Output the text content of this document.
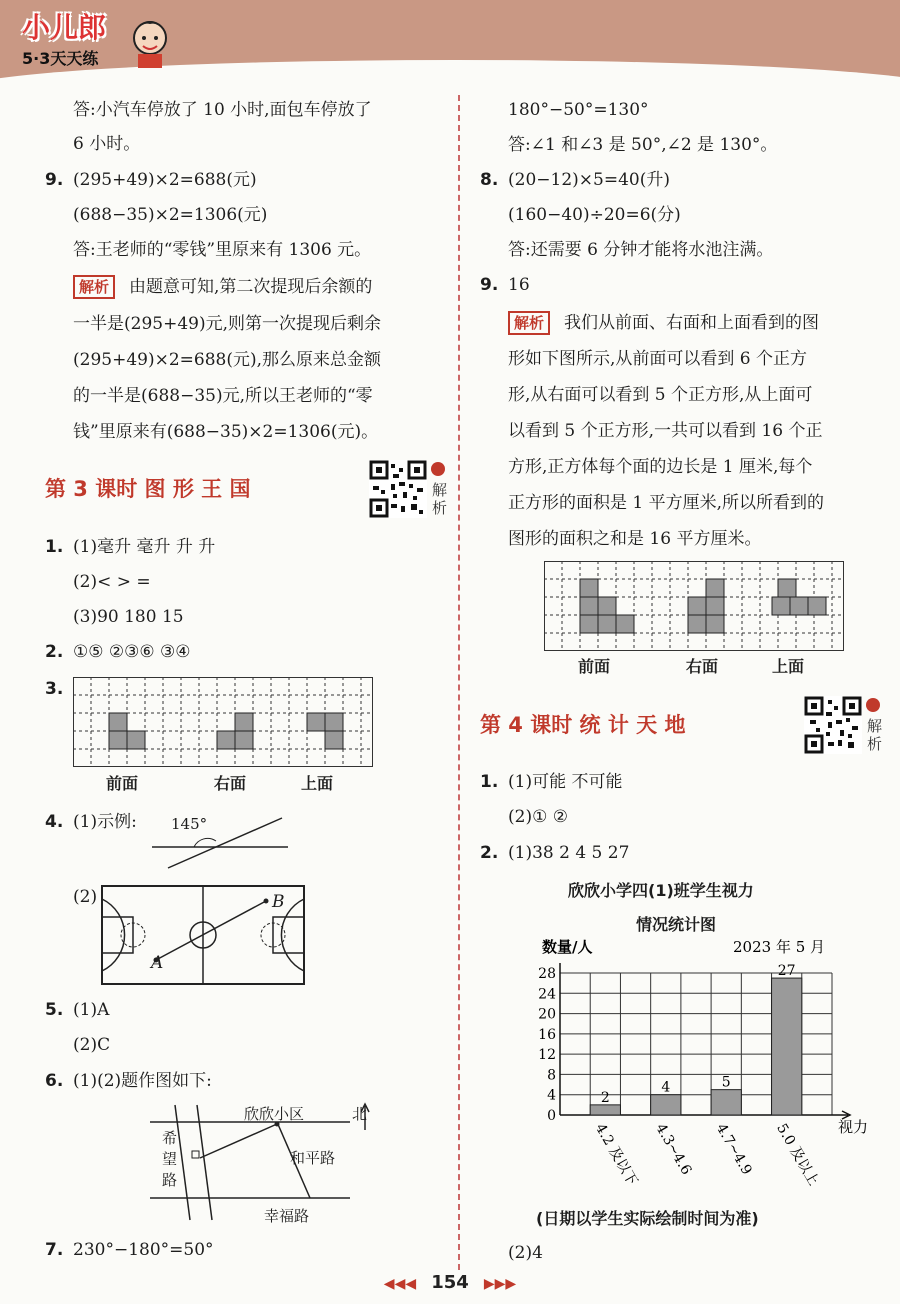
小儿郎
5·3天天练
答:小汽车停放了 10 小时,面包车停放了
6 小时。
9. (295+49)×2=688(元)
(688−35)×2=1306(元)
答:王老师的“零钱”里原来有 1306 元。
解析 由题意可知,第二次提现后余额的
一半是(295+49)元,则第一次提现后剩余
(295+49)×2=688(元),那么原来总金额
的一半是(688−35)元,所以王老师的“零
钱”里原来有(688−35)×2=1306(元)。
第 3 课时 图 形 王 国	解
析
1. (1)毫升 毫升 升 升
(2)< > =
(3)90 180 15
2. ①⑤ ②③⑥ ③④
3.
前面	右面	上面
4. (1)示例:
(2)
145°
A
B
5. (1)A
(2)C
6. (1)(2)题作图如下:
7. 230°−180°=50°
北
欣欣小区
希
望
路
和平路
幸福路
180°−50°=130°
答:∠1 和∠3 是 50°,∠2 是 130°。
8. (20−12)×5=40(升)
(160−40)÷20=6(分)
答:还需要 6 分钟才能将水池注满。
9. 16
解析 我们从前面、右面和上面看到的图
形如下图所示,从前面可以看到 6 个正方
形,从右面可以看到 5 个正方形,从上面可
以看到 5 个正方形,一共可以看到 16 个正
方形,正方体每个面的边长是 1 厘米,每个
正方形的面积是 1 平方厘米,所以所看到的
图形的面积之和是 16 平方厘米。
前面	右面	上面
第 4 课时 统 计 天 地	解
析
1. (1)可能 不可能
(2)① ②
2. (1)38 2 4 5 27
(2)4
欣欣小学四(1)班学生视力
情况统计图
数量/人	2023 年 5 月
视力
2
4	5
27
0
4
8
12
16
20
24
28
4.2 及以下 4.3~4.6 4.7~4.9 5.0 及以上
(日期以学生实际绘制时间为准)
◀◀◀ 154 ▶▶▶
